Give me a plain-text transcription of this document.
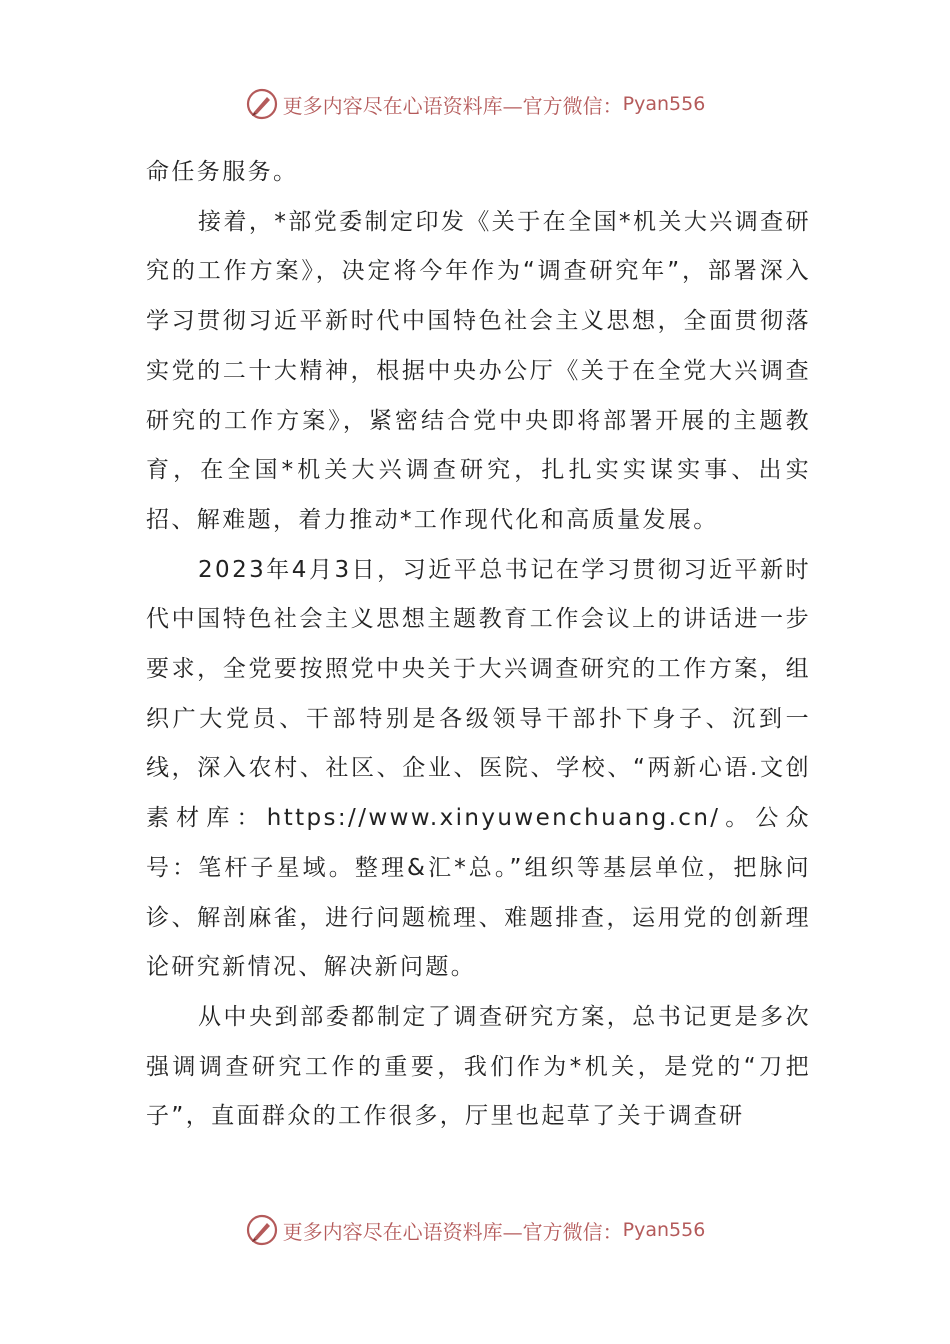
更多内容尽在心语资料库—官方微信： Pyan556

命任务服务。

接着，*部党委制定印发《关于在全国*机关大兴调查研究的工作方案》，决定将今年作为“调查研究年”，部署深入学习贯彻习近平新时代中国特色社会主义思想，全面贯彻落实党的二十大精神，根据中央办公厅《关于在全党大兴调查研究的工作方案》，紧密结合党中央即将部署开展的主题教育，在全国*机关大兴调查研究，扎扎实实谋实事、出实招、解难题，着力推动*工作现代化和高质量发展。

2023年4月3日，习近平总书记在学习贯彻习近平新时代中国特色社会主义思想主题教育工作会议上的讲话进一步要求，全党要按照党中央关于大兴调查研究的工作方案，组织广大党员、干部特别是各级领导干部扑下身子、沉到一线，深入农村、社区、企业、医院、学校、“两新心语.文创素材库：https://www.xinyuwenchuang.cn/。公众号：笔杆子星域。整理&汇*总。”组织等基层单位，把脉问诊、解剖麻雀，进行问题梳理、难题排查，运用党的创新理论研究新情况、解决新问题。

从中央到部委都制定了调查研究方案，总书记更是多次强调调查研究工作的重要，我们作为*机关，是党的“刀把子”，直面群众的工作很多，厅里也起草了关于调查研

更多内容尽在心语资料库—官方微信： Pyan556
